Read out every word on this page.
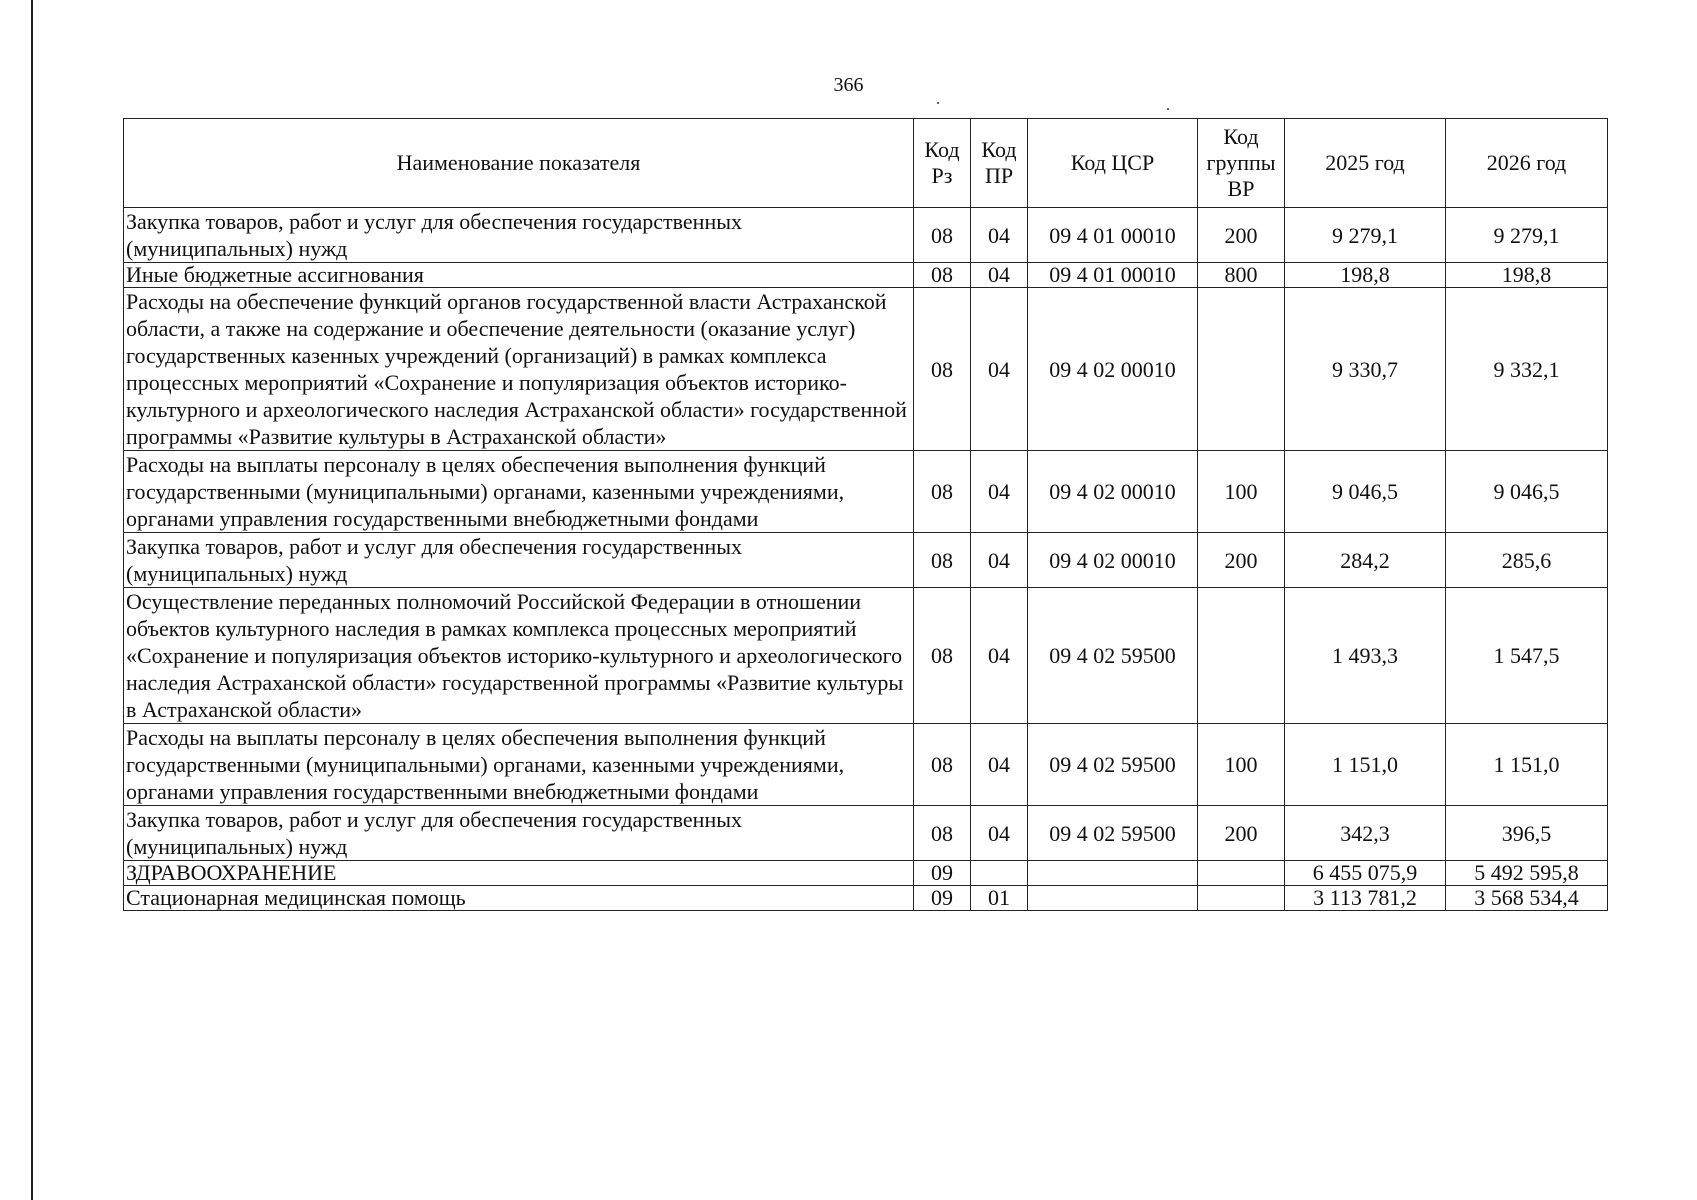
366
Наименование показателя	Код Рз	Код ПР	Код ЦСР	Код группы ВР	2025 год	2026 год
Закупка товаров, работ и услуг для обеспечения государственных (муниципальных) нужд	08	04	09 4 01 00010	200	9 279,1	9 279,1
Иные бюджетные ассигнования	08	04	09 4 01 00010	800	198,8	198,8
Расходы на обеспечение функций органов государственной власти Астраханской области, а также на содержание и обеспечение деятельности (оказание услуг) государственных казенных учреждений (организаций) в рамках комплекса процессных мероприятий «Сохранение и популяризация объектов историко-культурного и археологического наследия Астраханской области» государственной программы «Развитие культуры в Астраханской области»	08	04	09 4 02 00010		9 330,7	9 332,1
Расходы на выплаты персоналу в целях обеспечения выполнения функций государственными (муниципальными) органами, казенными учреждениями, органами управления государственными внебюджетными фондами	08	04	09 4 02 00010	100	9 046,5	9 046,5
Закупка товаров, работ и услуг для обеспечения государственных (муниципальных) нужд	08	04	09 4 02 00010	200	284,2	285,6
Осуществление переданных полномочий Российской Федерации в отношении объектов культурного наследия в рамках комплекса процессных мероприятий «Сохранение и популяризация объектов историко-культурного и археологического наследия Астраханской области» государственной программы «Развитие культуры в Астраханской области»	08	04	09 4 02 59500		1 493,3	1 547,5
Расходы на выплаты персоналу в целях обеспечения выполнения функций государственными (муниципальными) органами, казенными учреждениями, органами управления государственными внебюджетными фондами	08	04	09 4 02 59500	100	1 151,0	1 151,0
Закупка товаров, работ и услуг для обеспечения государственных (муниципальных) нужд	08	04	09 4 02 59500	200	342,3	396,5
ЗДРАВООХРАНЕНИЕ	09				6 455 075,9	5 492 595,8
Стационарная медицинская помощь	09	01			3 113 781,2	3 568 534,4
